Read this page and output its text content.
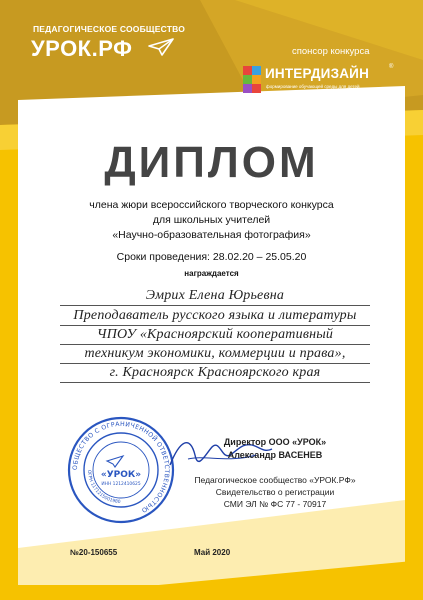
ПЕДАГОГИЧЕСКОЕ СООБЩЕСТВО
УРОК.РФ	спонсор конкурса
ИНТЕРДИЗАЙН	®
формирование обучающей среды для детей
ДИПЛОМ
члена жюри всероссийского творческого конкурса
для школьных учителей
«Научно-образовательная фотография»
Сроки проведения: 28.02.20 – 25.05.20
награждается
Эмрих Елена Юрьевна
Преподаватель русского языка и литературы
ЧПОУ «Красноярский кооперативный
техникум экономики, коммерции и права»,
г. Красноярск Красноярского края
ОБЩЕСТВО С ОГРАНИЧЕННОЙ ОТВЕТСТВЕННОСТЬЮ
ОГРН 1171215001980
«УРОК»
ИНН 1212410625
Директор ООО «УРОК»
Александр ВАСЕНЕВ
Педагогическое сообщество «УРОК.РФ»
Свидетельство о регистрации
СМИ ЭЛ № ФС 77 - 70917
№20-150655	Май 2020
